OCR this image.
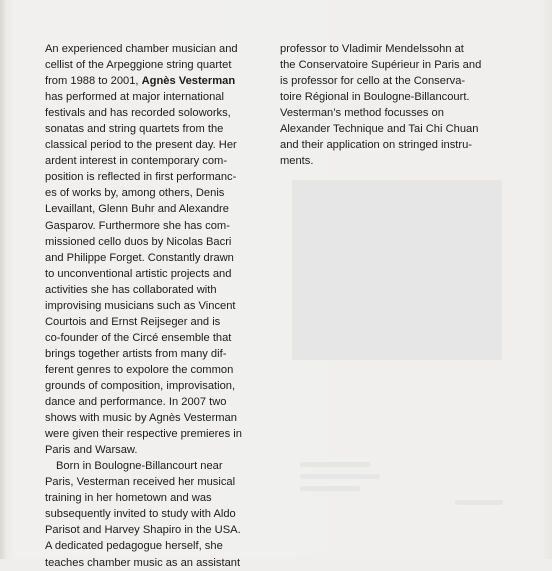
An experienced chamber musician and
cellist of the Arpeggione string quartet
from 1988 to 2001, Agnès Vesterman
has performed at major international
festivals and has recorded soloworks,
sonatas and string quartets from the
classical period to the present day. Her
ardent interest in contemporary com-
position is reflected in first performanc-
es of works by, among others, Denis
Levaillant, Glenn Buhr and Alexandre
Gasparov. Furthermore she has com-
missioned cello duos by Nicolas Bacri
and Philippe Forget. Constantly drawn
to unconventional artistic projects and
activities she has collaborated with
improvising musicians such as Vincent
Courtois and Ernst Reijseger and is
co-founder of the Circé ensemble that
brings together artists from many dif-
ferent genres to expolore the common
grounds of composition, improvisation,
dance and performance. In 2007 two
shows with music by Agnès Vesterman
were given their respective premieres in
Paris and Warsaw.
Born in Boulogne-Billancourt near
Paris, Vesterman received her musical
training in her hometown and was
subsequently invited to study with Aldo
Parisot and Harvey Shapiro in the USA.
A dedicated pedagogue herself, she
teaches chamber music as an assistant
professor to Vladimir Mendelssohn at
the Conservatoire Supérieur in Paris and
is professor for cello at the Conserva-
toire Régional in Boulogne-Billancourt.
Vesterman’s method focusses on
Alexander Technique and Tai Chi Chuan
and their application on stringed instru-
ments.
